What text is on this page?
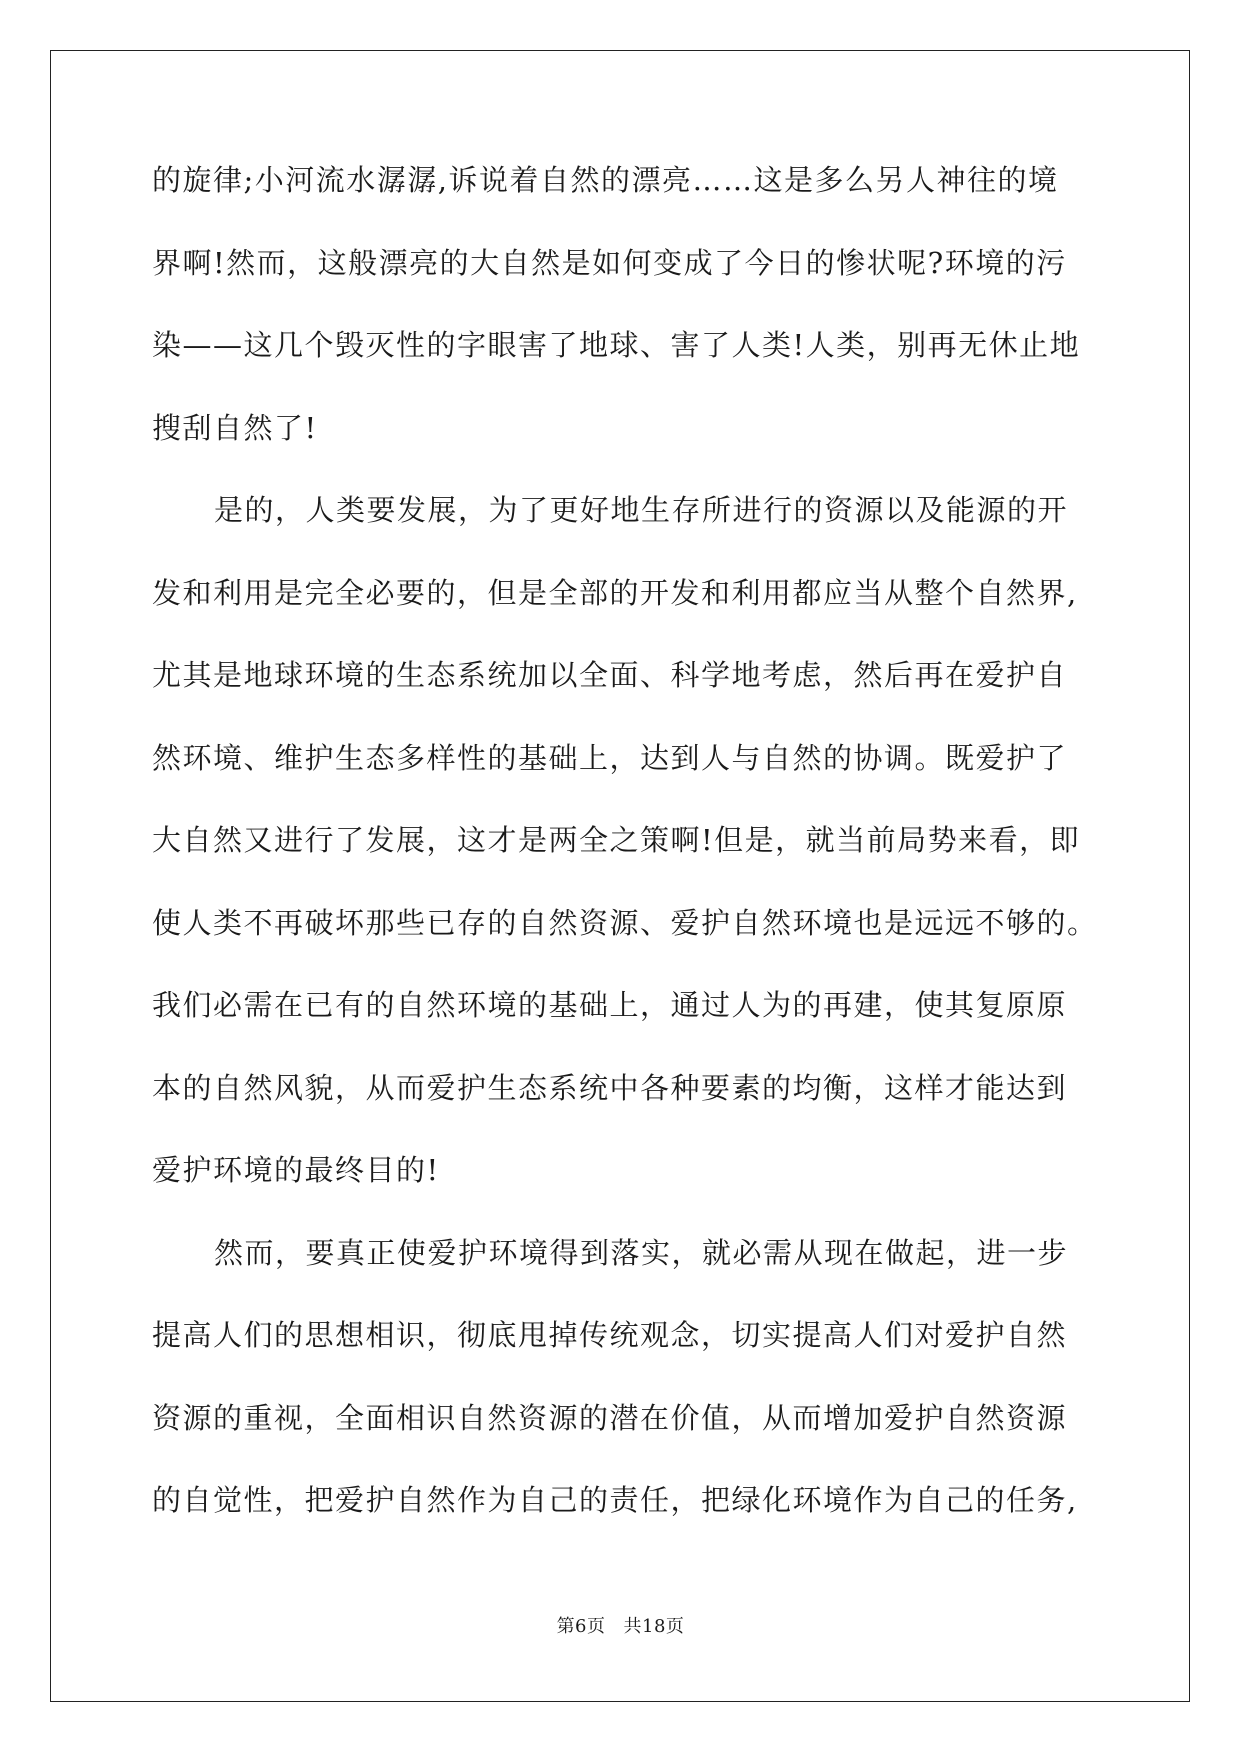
的旋律;小河流水潺潺,诉说着自然的漂亮……这是多么另人神往的境
界啊!然而，这般漂亮的大自然是如何变成了今日的惨状呢?环境的污
染——这几个毁灭性的字眼害了地球、害了人类!人类，别再无休止地
搜刮自然了!
是的，人类要发展，为了更好地生存所进行的资源以及能源的开
发和利用是完全必要的，但是全部的开发和利用都应当从整个自然界,
尤其是地球环境的生态系统加以全面、科学地考虑，然后再在爱护自
然环境、维护生态多样性的基础上，达到人与自然的协调。既爱护了
大自然又进行了发展，这才是两全之策啊!但是，就当前局势来看，即
使人类不再破坏那些已存的自然资源、爱护自然环境也是远远不够的。
我们必需在已有的自然环境的基础上，通过人为的再建，使其复原原
本的自然风貌，从而爱护生态系统中各种要素的均衡，这样才能达到
爱护环境的最终目的!
然而，要真正使爱护环境得到落实，就必需从现在做起，进一步
提高人们的思想相识，彻底甩掉传统观念，切实提高人们对爱护自然
资源的重视，全面相识自然资源的潜在价值，从而增加爱护自然资源
的自觉性，把爱护自然作为自己的责任，把绿化环境作为自己的任务,
第6页 共18页
